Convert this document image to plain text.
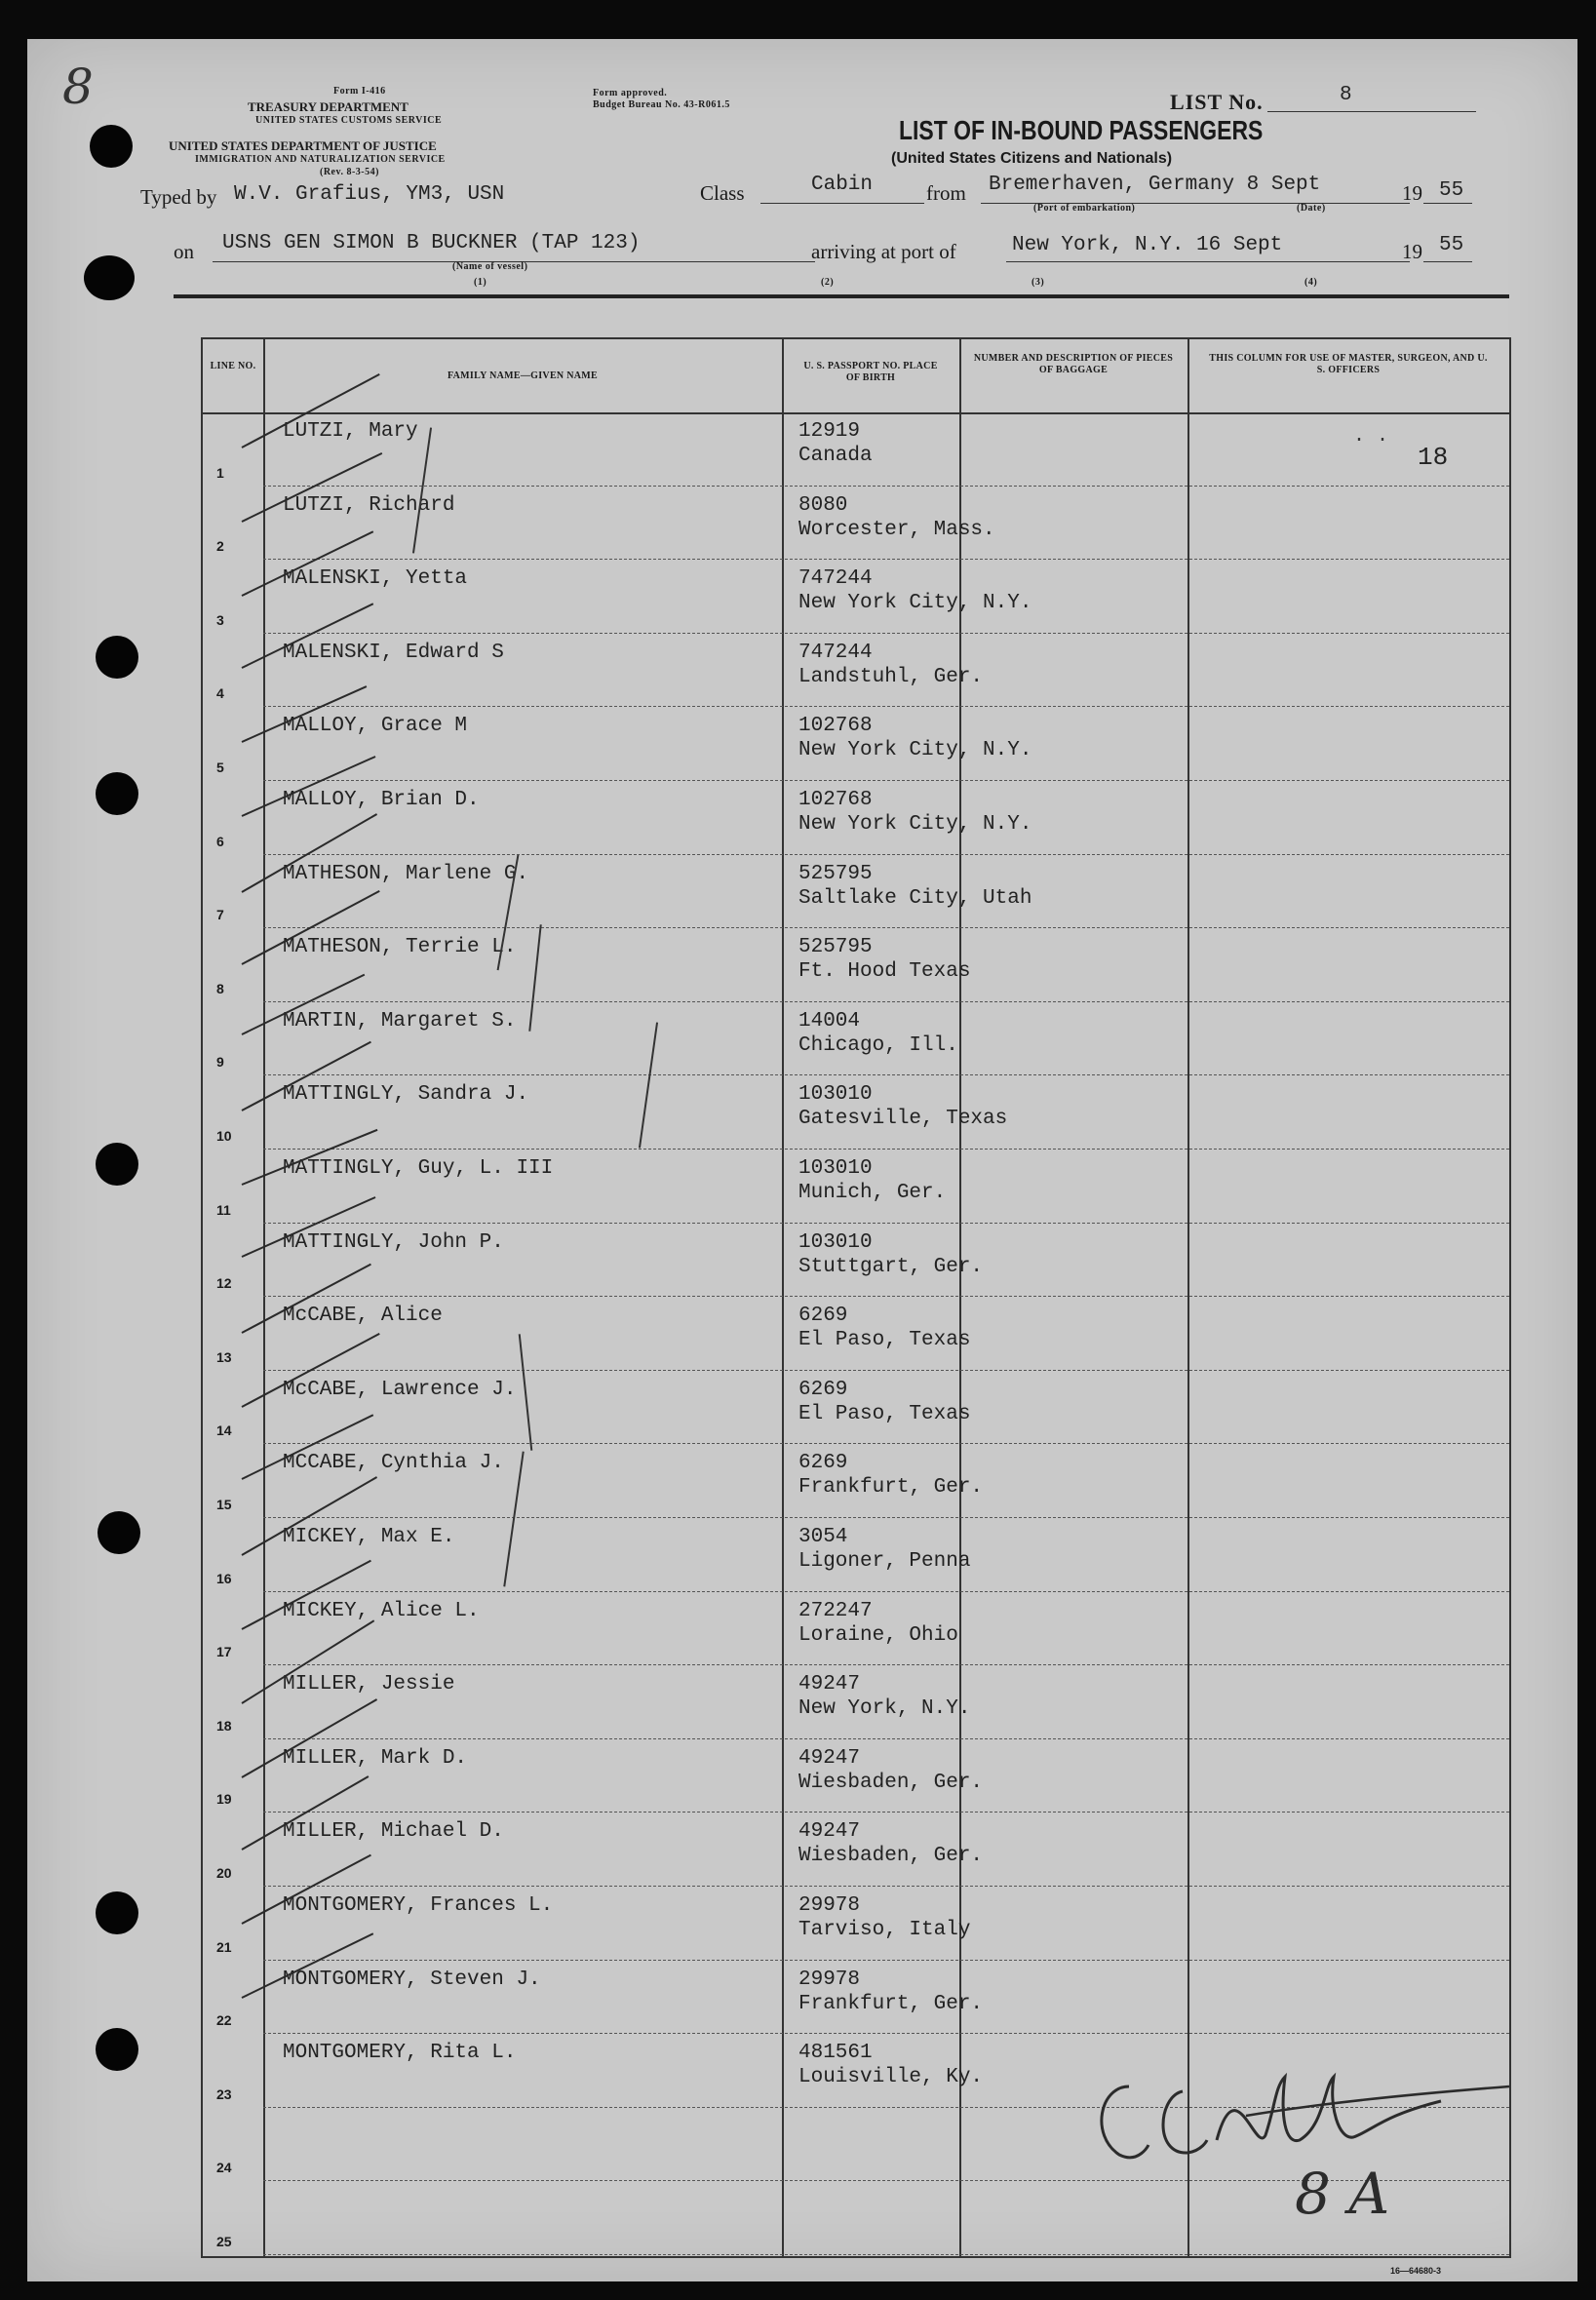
8	Form I-416
TREASURY DEPARTMENT
UNITED STATES CUSTOMS SERVICE
UNITED STATES DEPARTMENT OF JUSTICE
IMMIGRATION AND NATURALIZATION SERVICE
(Rev. 8-3-54)
Form approved.
Budget Bureau No. 43-R061.5	LIST No.	8
LIST OF IN-BOUND PASSENGERS
(United States Citizens and Nationals)
Typed by W.V. Grafius, YM3, USN	Class	Cabin	from Bremerhaven, Germany 8 Sept	19 55
(Port of embarkation)	(Date)
on USNS GEN SIMON B BUCKNER (TAP 123)
(Name of vessel)
arriving at port of	New York, N.Y. 16 Sept	19 55
(1)	(2)	(3)	(4)
LINE NO.
FAMILY NAME—GIVEN NAME
U. S. PASSPORT NO. PLACE OF BIRTH
NUMBER AND DESCRIPTION OF PIECES OF BAGGAGE
THIS COLUMN FOR USE OF MASTER, SURGEON, AND U. S. OFFICERS
18
· ·
1
LUTZI, Mary	12919
Canada
2
LUTZI, Richard	8080
Worcester, Mass.
3
MALENSKI, Yetta	747244
New York City, N.Y.
4
MALENSKI, Edward S	747244
Landstuhl, Ger.
5
MALLOY, Grace M	102768
New York City, N.Y.
6
MALLOY, Brian D.	102768
New York City, N.Y.
7
MATHESON, Marlene G.	525795
Saltlake City, Utah
8
MATHESON, Terrie L.	525795
Ft. Hood Texas
9
MARTIN, Margaret S.	14004
Chicago, Ill.
10
MATTINGLY, Sandra J.	103010
Gatesville, Texas
11
MATTINGLY, Guy, L. III	103010
Munich, Ger.
12
MATTINGLY, John P.	103010
Stuttgart, Ger.
13
McCABE, Alice	6269
El Paso, Texas
14
McCABE, Lawrence J.	6269
El Paso, Texas
15
MCCABE, Cynthia J.	6269
Frankfurt, Ger.
16
MICKEY, Max E.	3054
Ligoner, Penna
17
MICKEY, Alice L.	272247
Loraine, Ohio
18
MILLER, Jessie	49247
New York, N.Y.
19
MILLER, Mark D.	49247
Wiesbaden, Ger.
20
MILLER, Michael D.	49247
Wiesbaden, Ger.
21
MONTGOMERY, Frances L.	29978
Tarviso, Italy
22
MONTGOMERY, Steven J.	29978
Frankfurt, Ger.
23
MONTGOMERY, Rita L.	481561
Louisville, Ky.
24
25
8 A
16—64680-3
